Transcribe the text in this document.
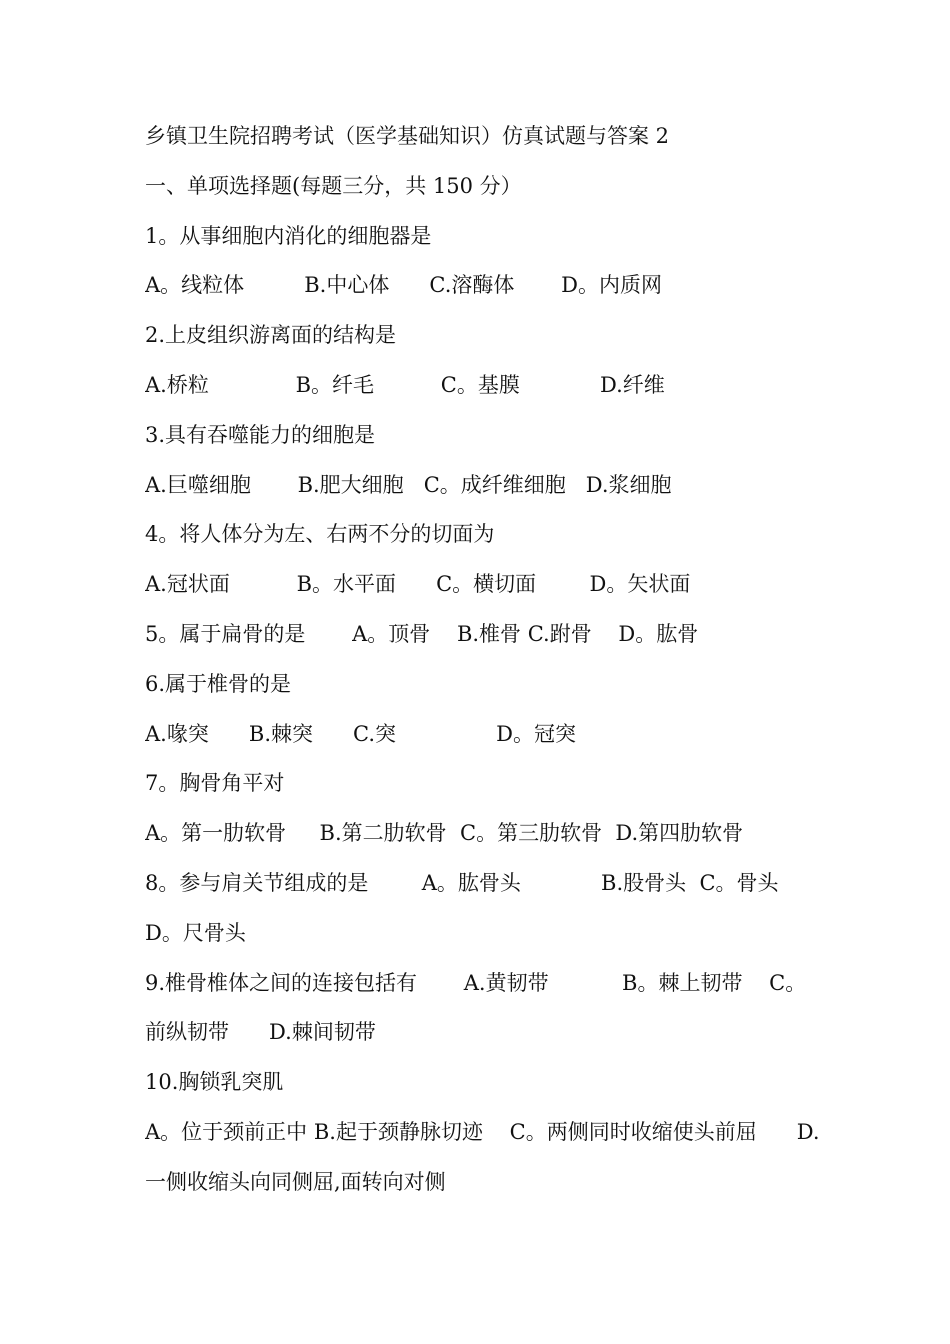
乡镇卫生院招聘考试（医学基础知识）仿真试题与答案 2
一、单项选择题(每题三分，共 150 分）
1。从事细胞内消化的细胞器是
A。线粒体         B.中心体      C.溶酶体       D。内质网
2.上皮组织游离面的结构是
A.桥粒             B。纤毛          C。基膜            D.纤维
3.具有吞噬能力的细胞是
A.巨噬细胞       B.肥大细胞   C。成纤维细胞   D.浆细胞
4。将人体分为左、右两不分的切面为
A.冠状面          B。水平面      C。横切面        D。矢状面
5。属于扁骨的是       A。顶骨    B.椎骨 C.跗骨    D。肱骨
6.属于椎骨的是
A.喙突      B.棘突      C.突               D。冠突
7。胸骨角平对
A。第一肋软骨     B.第二肋软骨  C。第三肋软骨  D.第四肋软骨
8。参与肩关节组成的是        A。肱骨头            B.股骨头  C。骨头
D。尺骨头
9.椎骨椎体之间的连接包括有       A.黄韧带           B。棘上韧带    C。
前纵韧带      D.棘间韧带
10.胸锁乳突肌
A。位于颈前正中 B.起于颈静脉切迹    C。两侧同时收缩使头前屈      D.
一侧收缩头向同侧屈,面转向对侧
